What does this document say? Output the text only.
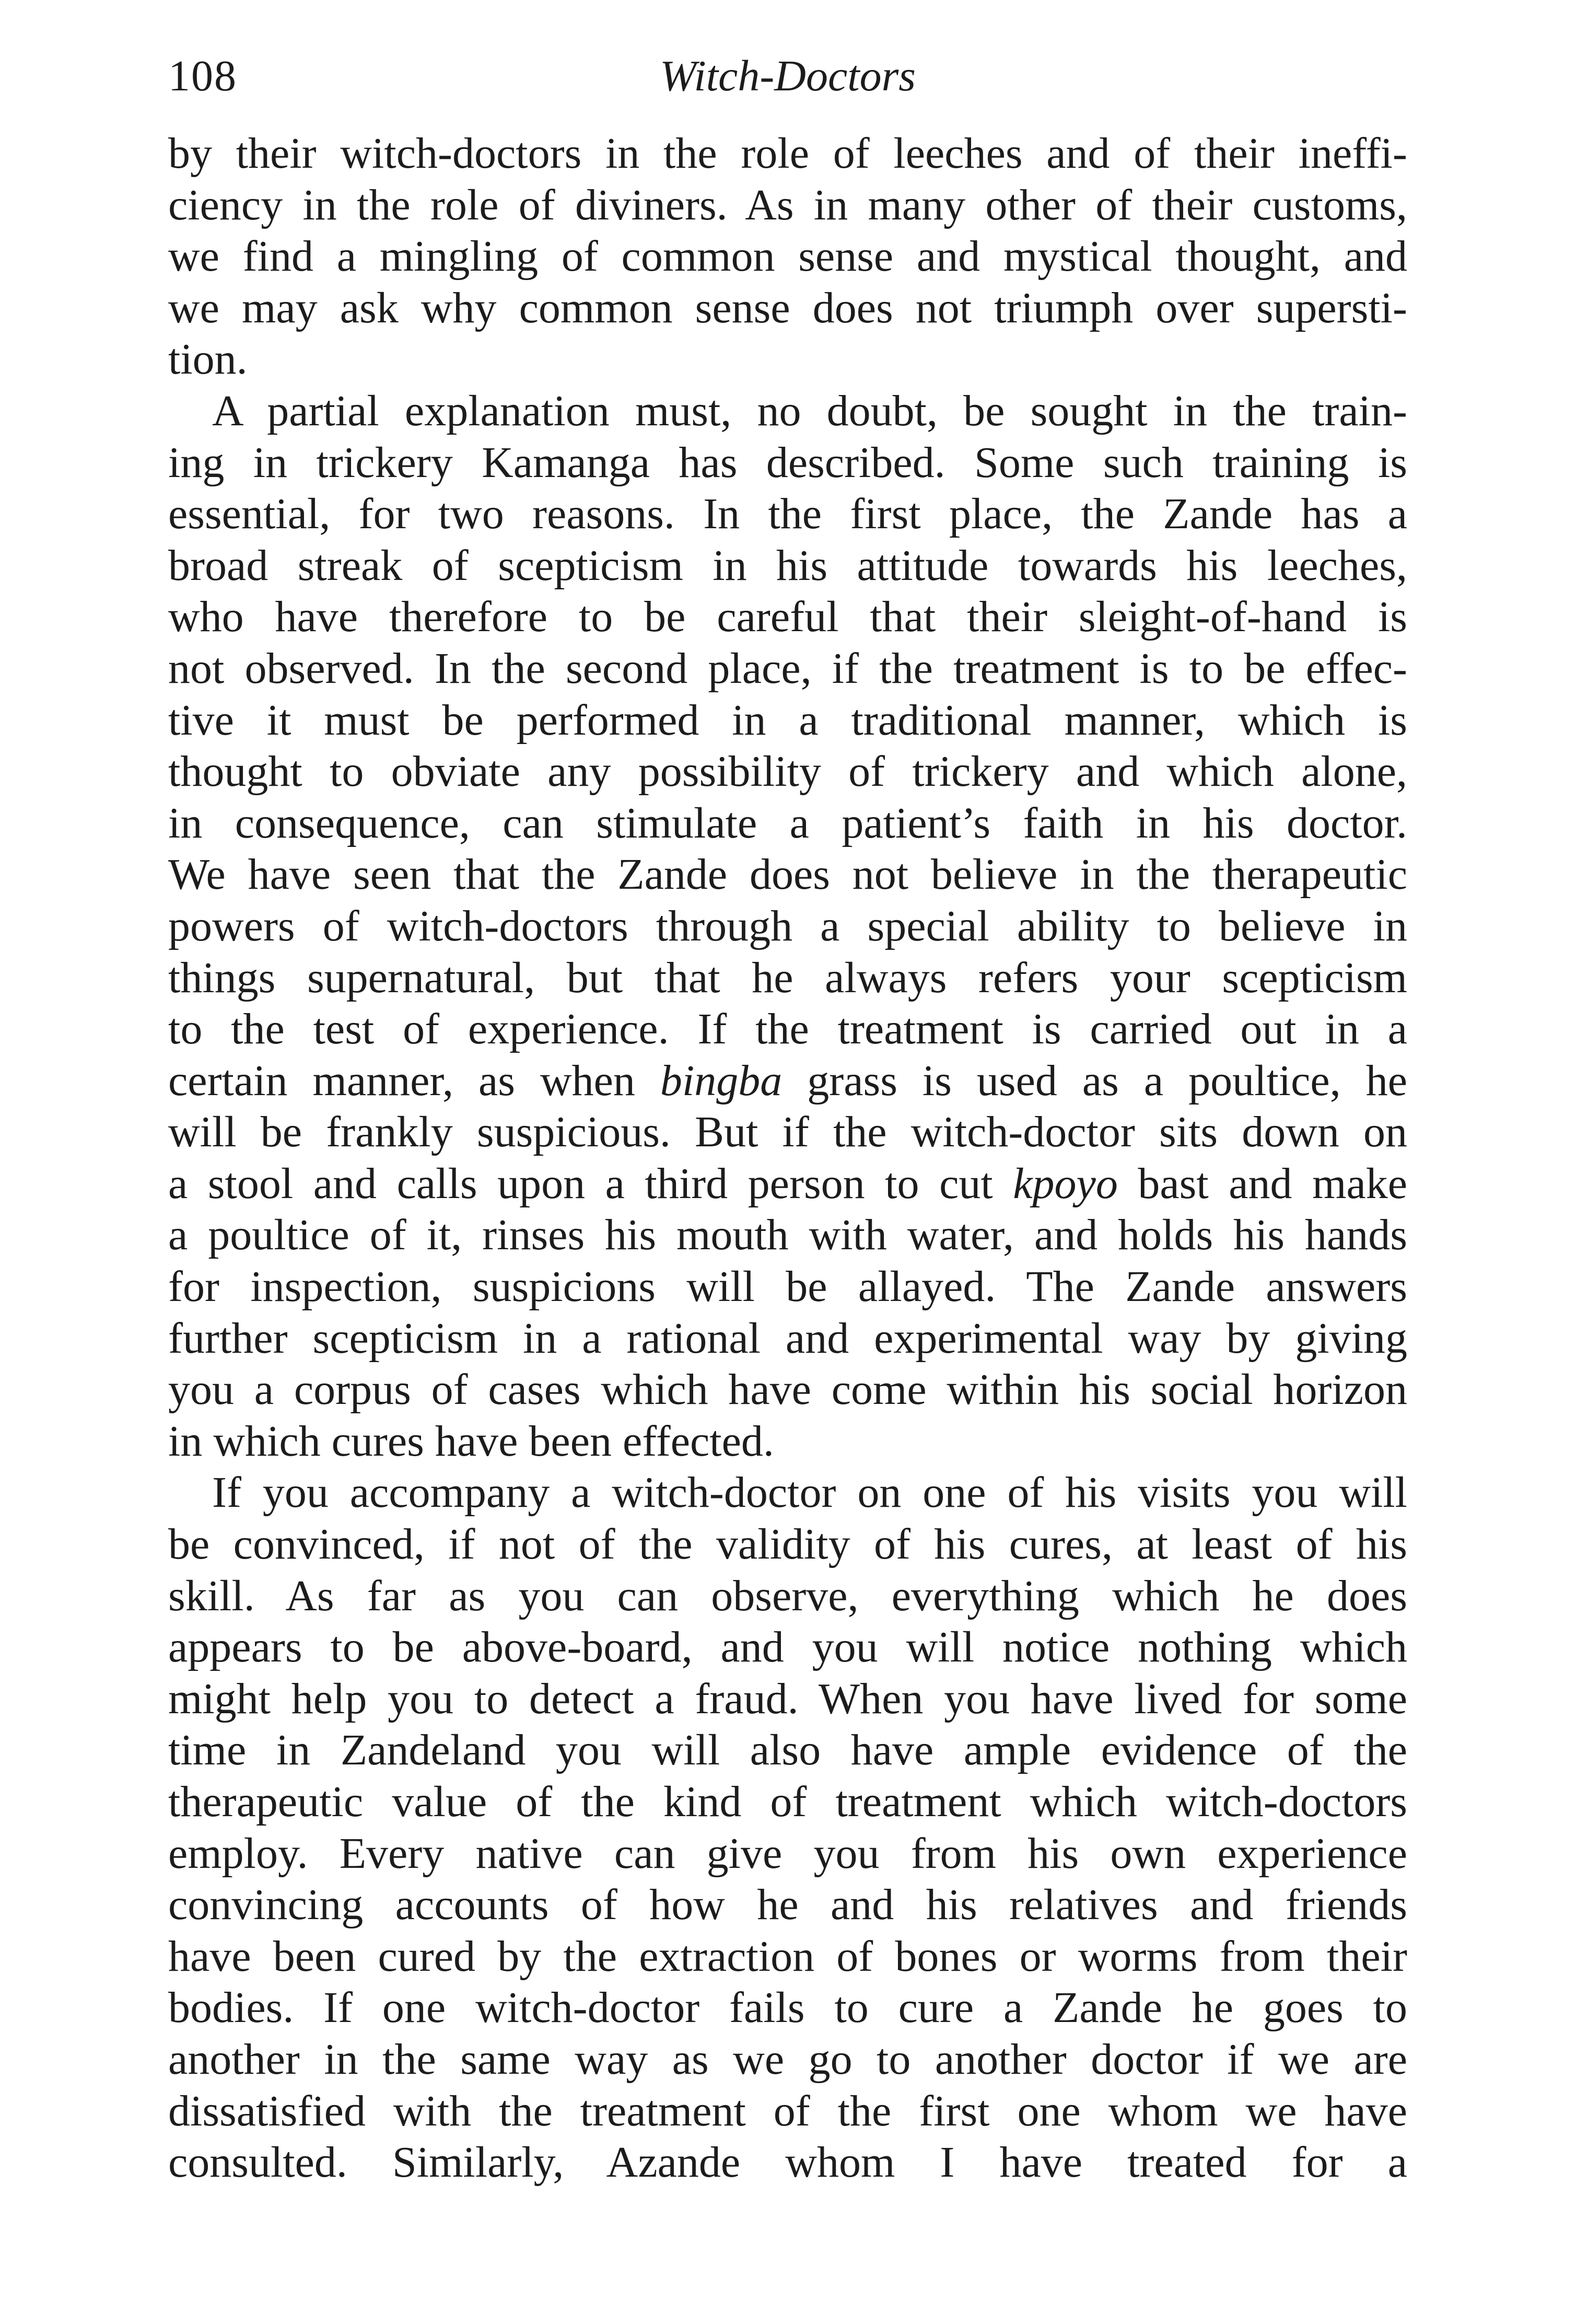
108	Witch-Doctors
by their witch-doctors in the role of leeches and of their ineffi-
ciency in the role of diviners. As in many other of their customs,
we find a mingling of common sense and mystical thought, and
we may ask why common sense does not triumph over supersti-
tion.
A partial explanation must, no doubt, be sought in the train-
ing in trickery Kamanga has described. Some such training is
essential, for two reasons. In the first place, the Zande has a
broad streak of scepticism in his attitude towards his leeches,
who have therefore to be careful that their sleight-of-hand is
not observed. In the second place, if the treatment is to be effec-
tive it must be performed in a traditional manner, which is
thought to obviate any possibility of trickery and which alone,
in consequence, can stimulate a patient’s faith in his doctor.
We have seen that the Zande does not believe in the therapeutic
powers of witch-doctors through a special ability to believe in
things supernatural, but that he always refers your scepticism
to the test of experience. If the treatment is carried out in a
certain manner, as when bingba grass is used as a poultice, he
will be frankly suspicious. But if the witch-doctor sits down on
a stool and calls upon a third person to cut kpoyo bast and make
a poultice of it, rinses his mouth with water, and holds his hands
for inspection, suspicions will be allayed. The Zande answers
further scepticism in a rational and experimental way by giving
you a corpus of cases which have come within his social horizon
in which cures have been effected.
If you accompany a witch-doctor on one of his visits you will
be convinced, if not of the validity of his cures, at least of his
skill. As far as you can observe, everything which he does
appears to be above-board, and you will notice nothing which
might help you to detect a fraud. When you have lived for some
time in Zandeland you will also have ample evidence of the
therapeutic value of the kind of treatment which witch-doctors
employ. Every native can give you from his own experience
convincing accounts of how he and his relatives and friends
have been cured by the extraction of bones or worms from their
bodies. If one witch-doctor fails to cure a Zande he goes to
another in the same way as we go to another doctor if we are
dissatisfied with the treatment of the first one whom we have
consulted. Similarly, Azande whom I have treated for a
